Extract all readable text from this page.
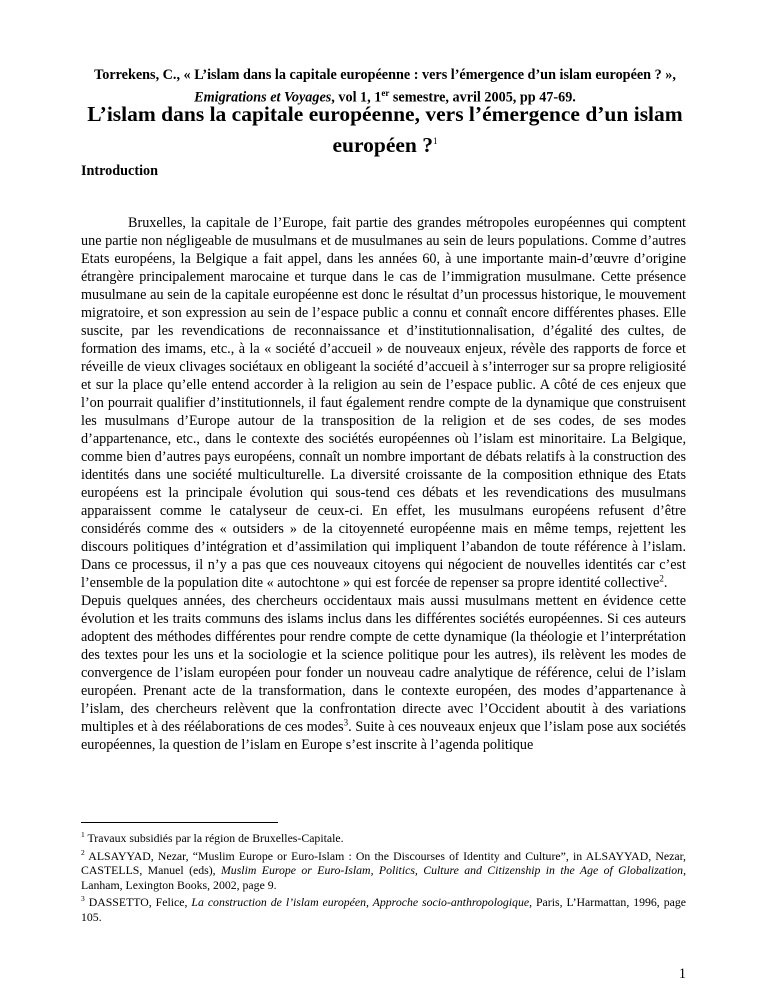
Torrekens, C., « L’islam dans la capitale européenne : vers l’émergence d’un islam européen ? », Emigrations et Voyages, vol 1, 1er semestre, avril 2005, pp 47-69.
L’islam dans la capitale européenne, vers l’émergence d’un islam européen ?$^1$
Introduction

Bruxelles, la capitale de l’Europe, fait partie des grandes métropoles européennes qui comptent une partie non négligeable de musulmans et de musulmanes au sein de leurs populations. Comme d’autres Etats européens, la Belgique a fait appel, dans les années 60, à une importante main-d’œuvre d’origine étrangère principalement marocaine et turque dans le cas de l’immigration musulmane. Cette présence musulmane au sein de la capitale européenne est donc le résultat d’un processus historique, le mouvement migratoire, et son expression au sein de l’espace public a connu et connaît encore différentes phases. Elle suscite, par les revendications de reconnaissance et d’institutionnalisation, d’égalité des cultes, de formation des imams, etc., à la « société d’accueil » de nouveaux enjeux, révèle des rapports de force et réveille de vieux clivages sociétaux en obligeant la société d’accueil à s’interroger sur sa propre religiosité et sur la place qu’elle entend accorder à la religion au sein de l’espace public. A côté de ces enjeux que l’on pourrait qualifier d’institutionnels, il faut également rendre compte de la dynamique que construisent les musulmans d’Europe autour de la transposition de la religion et de ses codes, de ses modes d’appartenance, etc., dans le contexte des sociétés européennes où l’islam est minoritaire. La Belgique, comme bien d’autres pays européens, connaît un nombre important de débats relatifs à la construction des identités dans une société multiculturelle. La diversité croissante de la composition ethnique des Etats européens est la principale évolution qui sous-tend ces débats et les revendications des musulmans apparaissent comme le catalyseur de ceux-ci. En effet, les musulmans européens refusent d’être considérés comme des « outsiders » de la citoyenneté européenne mais en même temps, rejettent les discours politiques d’intégration et d’assimilation qui impliquent l’abandon de toute référence à l’islam. Dans ce processus, il n’y a pas que ces nouveaux citoyens qui négocient de nouvelles identités car c’est l’ensemble de la population dite « autochtone » qui est forcée de repenser sa propre identité collective$^2$.

Depuis quelques années, des chercheurs occidentaux mais aussi musulmans mettent en évidence cette évolution et les traits communs des islams inclus dans les différentes sociétés européennes. Si ces auteurs adoptent des méthodes différentes pour rendre compte de cette dynamique (la théologie et l’interprétation des textes pour les uns et la sociologie et la science politique pour les autres), ils relèvent les modes de convergence de l’islam européen pour fonder un nouveau cadre analytique de référence, celui de l’islam européen. Prenant acte de la transformation, dans le contexte européen, des modes d’appartenance à l’islam, des chercheurs relèvent que la confrontation directe avec l’Occident aboutit à des variations multiples et à des réélaborations de ces modes$^3$. Suite à ces nouveaux enjeux que l’islam pose aux sociétés européennes, la question de l’islam en Europe s’est inscrite à l’agenda politique

$^1$ Travaux subsidiés par la région de Bruxelles-Capitale.

$^2$ ALSAYYAD, Nezar, “Muslim Europe or Euro-Islam : On the Discourses of Identity and Culture”, in ALSAYYAD, Nezar, CASTELLS, Manuel (eds), Muslim Europe or Euro-Islam, Politics, Culture and Citizenship in the Age of Globalization, Lanham, Lexington Books, 2002, page 9.

$^3$ DASSETTO, Felice, La construction de l’islam européen, Approche socio-anthropologique, Paris, L’Harmattan, 1996, page 105.

1
